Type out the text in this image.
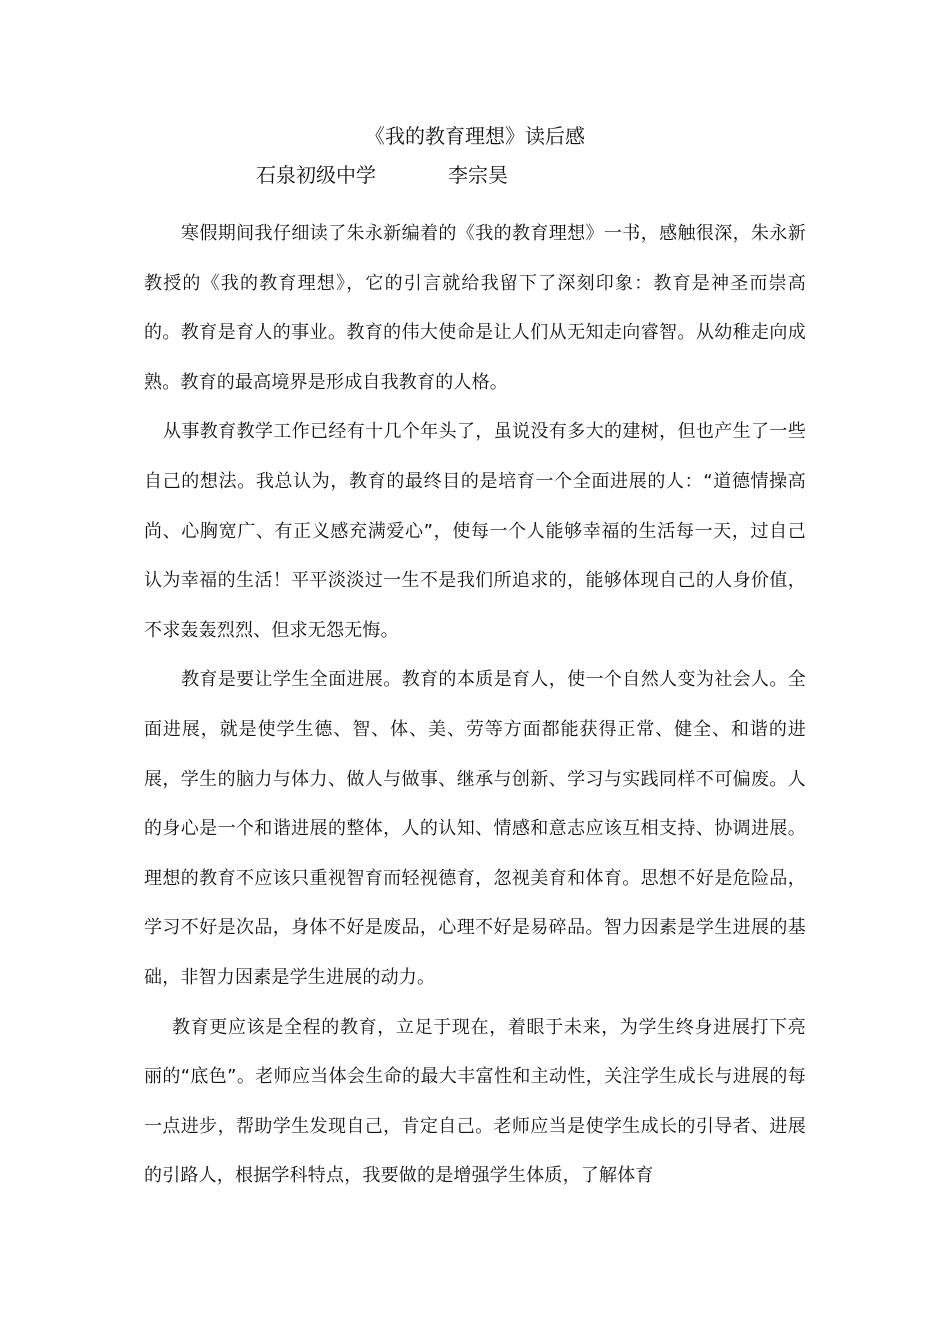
《我的教育理想》读后感
石泉初级中学	李宗昊

寒假期间我仔细读了朱永新编着的《我的教育理想》一书，感触很深，朱永新教授的《我的教育理想》，它的引言就给我留下了深刻印象：教育是神圣而崇高的。教育是育人的事业。教育的伟大使命是让人们从无知走向睿智。从幼稚走向成熟。教育的最高境界是形成自我教育的人格。

从事教育教学工作已经有十几个年头了，虽说没有多大的建树，但也产生了一些自己的想法。我总认为，教育的最终目的是培育一个全面进展的人：“道德情操高尚、心胸宽广、有正义感充满爱心”，使每一个人能够幸福的生活每一天，过自己认为幸福的生活！平平淡淡过一生不是我们所追求的，能够体现自己的人身价值，不求轰轰烈烈、但求无怨无悔。

教育是要让学生全面进展。教育的本质是育人，使一个自然人变为社会人。全面进展，就是使学生德、智、体、美、劳等方面都能获得正常、健全、和谐的进展，学生的脑力与体力、做人与做事、继承与创新、学习与实践同样不可偏废。人的身心是一个和谐进展的整体，人的认知、情感和意志应该互相支持、协调进展。理想的教育不应该只重视智育而轻视德育，忽视美育和体育。思想不好是危险品，学习不好是次品，身体不好是废品，心理不好是易碎品。智力因素是学生进展的基础，非智力因素是学生进展的动力。

教育更应该是全程的教育，立足于现在，着眼于未来，为学生终身进展打下亮丽的“底色”。老师应当体会生命的最大丰富性和主动性，关注学生成长与进展的每一点进步，帮助学生发现自己，肯定自己。老师应当是使学生成长的引导者、进展的引路人，根据学科特点，我要做的是增强学生体质，了解体育
